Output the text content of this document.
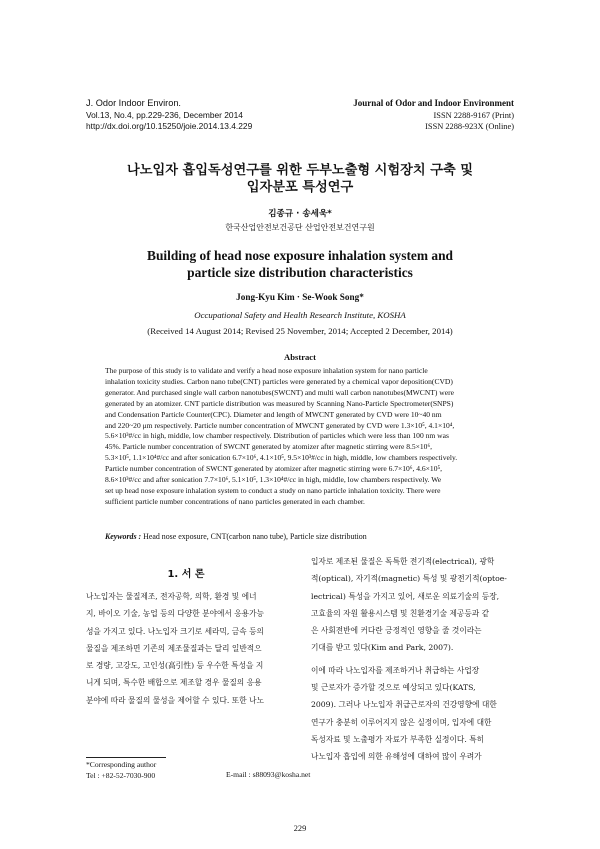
J. Odor Indoor Environ.
Vol.13, No.4, pp.229-236, December 2014
http://dx.doi.org/10.15250/joie.2014.13.4.229
Journal of Odor and Indoor Environment
ISSN 2288-9167 (Print)
ISSN 2288-923X (Online)
나노입자 흡입독성연구를 위한 두부노출형 시험장치 구축 및
입자분포 특성연구
김종규 · 송세욱*
한국산업안전보건공단 산업안전보건연구원
Building of head nose exposure inhalation system and
particle size distribution characteristics
Jong-Kyu Kim · Se-Wook Song*
Occupational Safety and Health Research Institute, KOSHA
(Received 14 August 2014; Revised 25 November, 2014; Accepted 2 December, 2014)
Abstract
The purpose of this study is to validate and verify a head nose exposure inhalation system for nano particle
inhalation toxicity studies. Carbon nano tube(CNT) particles were generated by a chemical vapor deposition(CVD)
generator. And purchased single wall carbon nanotubes(SWCNT) and multi wall carbon nanotubes(MWCNT) were
generated by an atomizer. CNT particle distribution was measured by Scanning Nano-Particle Spectrometer(SNPS)
and Condensation Particle Counter(CPC). Diameter and length of MWCNT generated by CVD were 10~40 nm
and 220~20 μm respectively. Particle number concentration of MWCNT generated by CVD were 1.3×10⁵, 4.1×10⁴,
5.6×10³#/cc in high, middle, low chamber respectively. Distribution of particles which were less than 100 nm was
45%. Particle number concentration of SWCNT generated by atomizer after magnetic stirring were 8.5×10⁶,
5.3×10⁵, 1.1×10⁴#/cc and after sonication 6.7×10⁶, 4.1×10⁵, 9.5×10³#/cc in high, middle, low chambers respectively.
Particle number concentration of SWCNT generated by atomizer after magnetic stirring were 6.7×10⁶, 4.6×10⁵,
8.6×10³#/cc and after sonication 7.7×10⁶, 5.1×10⁵, 1.3×10⁴#/cc in high, middle, low chambers respectively. We
set up head nose exposure inhalation system to conduct a study on nano particle inhalation toxicity. There were
sufficient particle number concentrations of nano particles generated in each chamber.
Keywords : Head nose exposure, CNT(carbon nano tube), Particle size distribution
1. 서 론
나노입자는 물질제조, 전자공학, 의학, 환경 및 에너
지, 바이오 기술, 농업 등의 다양한 분야에서 응용가능
성을 가지고 있다. 나노입자 크기로 세라믹, 금속 등의
물질을 제조하면 기존의 제조물질과는 달리 일반적으
로 경량, 고강도, 고인성(高引性) 등 우수한 특성을 지
니게 되며, 특수한 배합으로 제조할 경우 물질의 응용
분야에 따라 물질의 물성을 제어할 수 있다. 또한 나노
입자로 제조된 물질은 독특한 전기적(electrical), 광학
적(optical), 자기적(magnetic) 특성 및 광전기적(optoe-
lectrical) 특성을 가지고 있어, 새로운 의료기술의 등장,
고효율의 자원 활용시스템 및 친환경기술 제공등과 같
은 사회전반에 커다란 긍정적인 영향을 줄 것이라는
기대를 받고 있다(Kim and Park, 2007).
이에 따라 나노입자를 제조하거나 취급하는 사업장
및 근로자가 증가할 것으로 예상되고 있다(KATS,
2009). 그러나 나노입자 취급근로자의 건강영향에 대한
연구가 충분히 이루어지지 않은 실정이며, 입자에 대한
독성자료 및 노출평가 자료가 부족한 실정이다. 특히
나노입자 흡입에 의한 유해성에 대하여 많이 우려가
*Corresponding author
Tel : +82-52-7030-900	E-mail : s88093@kosha.net
229
